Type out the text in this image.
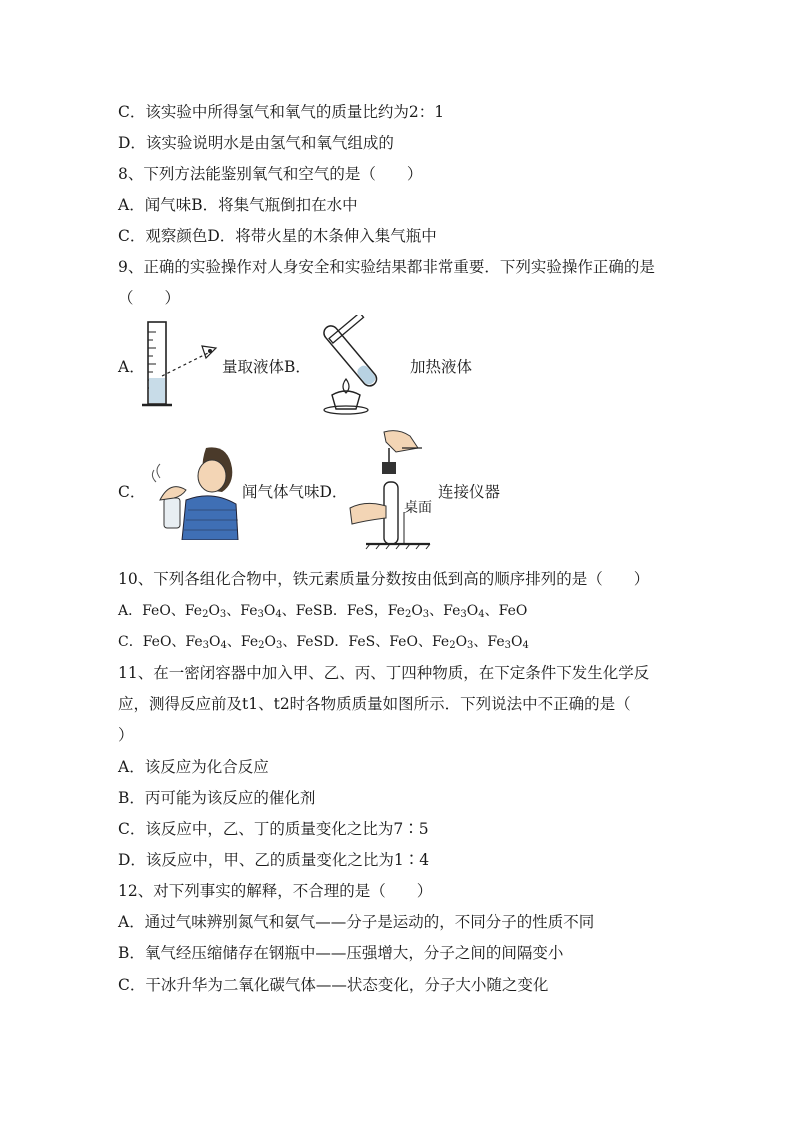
C．该实验中所得氢气和氧气的质量比约为2：1
D．该实验说明水是由氢气和氧气组成的
8、下列方法能鉴别氧气和空气的是（　　）
A．闻气味B．将集气瓶倒扣在水中
C．观察颜色D．将带火星的木条伸入集气瓶中
9、正确的实验操作对人身安全和实验结果都非常重要．下列实验操作正确的是
（　　）
A．	量取液体B．	加热液体
C．	闻气体气味D．
桌面
连接仪器
10、下列各组化合物中，铁元素质量分数按由低到高的顺序排列的是（　　）
A．FeO、$Fe_2O_3$、$Fe_3O_4$、FeSB．FeS，$Fe_2O_3$、$Fe_3O_4$、FeO
C．FeO、$Fe_3O_4$、$Fe_2O_3$、FeSD．FeS、FeO、$Fe_2O_3$、$Fe_3O_4$
11、在一密闭容器中加入甲、乙、丙、丁四种物质，在下定条件下发生化学反
应，测得反应前及t1、t2时各物质质量如图所示．下列说法中不正确的是（
）
A．该反应为化合反应
B．丙可能为该反应的催化剂
C．该反应中，乙、丁的质量变化之比为7∶5
D．该反应中，甲、乙的质量变化之比为1∶4
12、对下列事实的解释，不合理的是（　　）
A．通过气味辨别氮气和氨气——分子是运动的，不同分子的性质不同
B．氧气经压缩储存在钢瓶中——压强增大，分子之间的间隔变小
C．干冰升华为二氧化碳气体——状态变化，分子大小随之变化
